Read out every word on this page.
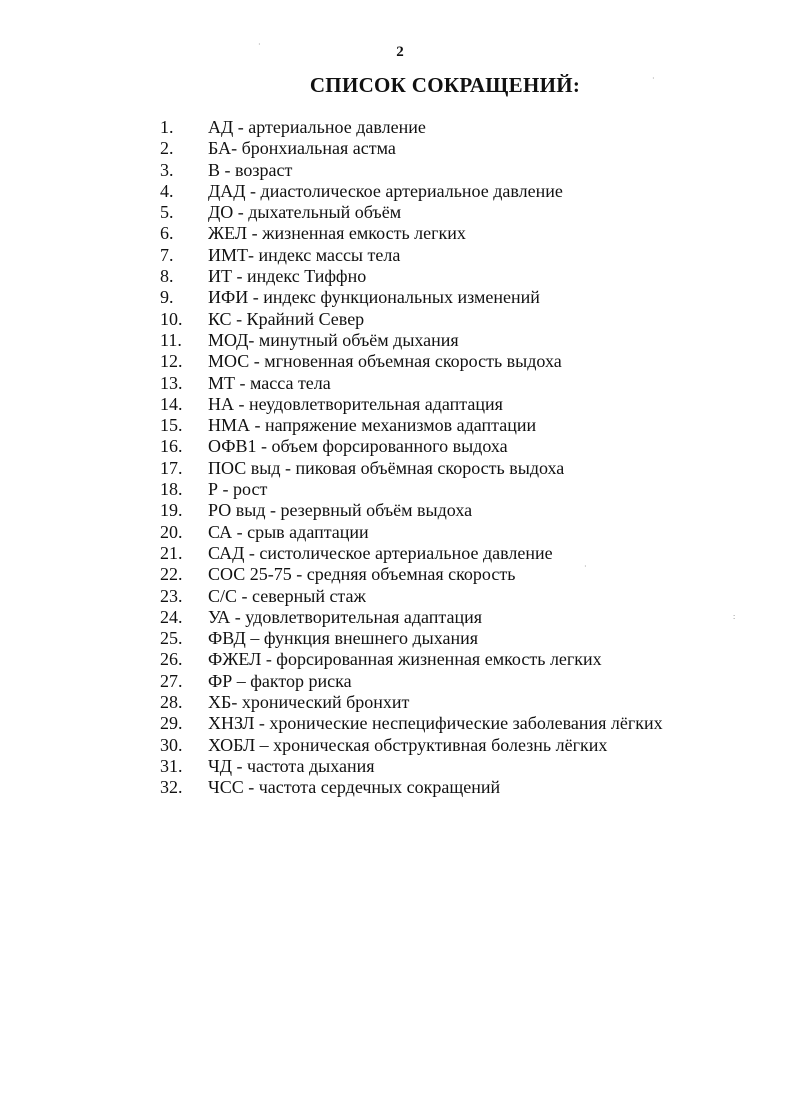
2
СПИСОК СОКРАЩЕНИЙ:
1. АД - артериальное давление
2. БА- бронхиальная астма
3. В - возраст
4. ДАД - диастолическое артериальное давление
5. ДО - дыхательный объём
6. ЖЕЛ - жизненная емкость легких
7. ИМТ- индекс массы тела
8. ИТ - индекс Тиффно
9. ИФИ - индекс функциональных изменений
10. КС - Крайний Север
11. МОД- минутный объём дыхания
12. МОС - мгновенная объемная скорость выдоха
13. МТ - масса тела
14. НА - неудовлетворительная адаптация
15. НМА - напряжение механизмов адаптации
16. ОФВ1 - объем форсированного выдоха
17. ПОС выд - пиковая объёмная скорость выдоха
18. Р - рост
19. РО выд - резервный объём выдоха
20. СА - срыв адаптации
21. САД - систолическое артериальное давление
22. СОС 25-75 - средняя объемная скорость
23. С/С - северный стаж
24. УА - удовлетворительная адаптация
25. ФВД – функция внешнего дыхания
26. ФЖЕЛ - форсированная жизненная емкость легких
27. ФР – фактор риска
28. ХБ- хронический бронхит
29. ХНЗЛ - хронические неспецифические заболевания лёгких
30. ХОБЛ – хроническая обструктивная болезнь лёгких
31. ЧД - частота дыхания
32. ЧСС - частота сердечных сокращений
·
·
·
:
